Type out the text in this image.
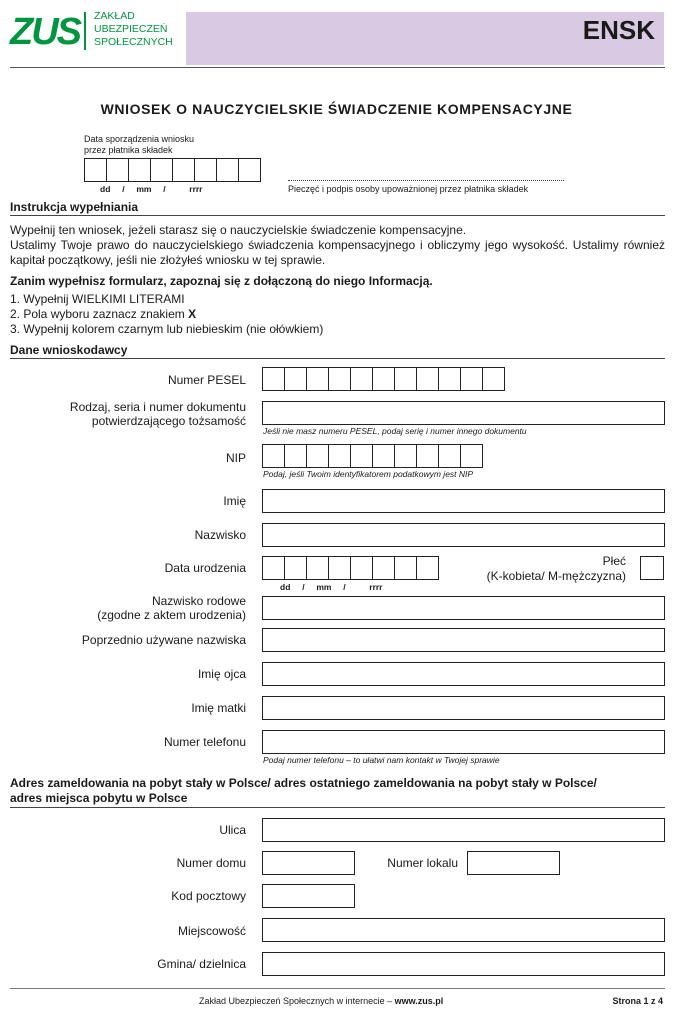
ZUS ZAKŁAD
UBEZPIECZEŃ
SPOŁECZNYCH	ENSK
WNIOSEK O NAUCZYCIELSKIE ŚWIADCZENIE KOMPENSACYJNE
Data sporządzenia wniosku
przez płatnika składek
dd     /     mm     /          rrrr	Pieczęć i podpis osoby upoważnionej przez płatnika składek
Instrukcja wypełniania
Wypełnij ten wniosek, jeżeli starasz się o nauczycielskie świadczenie kompensacyjne.
Ustalimy Twoje prawo do nauczycielskiego świadczenia kompensacyjnego i obliczymy jego wysokość. Ustalimy również kapitał początkowy, jeśli nie złożyłeś wniosku w tej sprawie.
Zanim wypełnisz formularz, zapoznaj się z dołączoną do niego Informacją.
1. Wypełnij WIELKIMI LITERAMI
2. Pola wyboru zaznacz znakiem X
3. Wypełnij kolorem czarnym lub niebieskim (nie ołówkiem)
Dane wnioskodawcy
Numer PESEL
Rodzaj, seria i numer dokumentu
potwierdzającego tożsamość
Jeśli nie masz numeru PESEL, podaj serię i numer innego dokumentu
NIP
Podaj, jeśli Twoim identyfikatorem podatkowym jest NIP
Imię
Nazwisko
Data urodzenia
dd     /     mm     /          rrrr
Płeć
(K-kobieta/ M-mężczyzna)
Nazwisko rodowe
(zgodne z aktem urodzenia)
Poprzednio używane nazwiska
Imię ojca
Imię matki
Numer telefonu
Podaj numer telefonu – to ułatwi nam kontakt w Twojej sprawie
Adres zameldowania na pobyt stały w Polsce/ adres ostatniego zameldowania na pobyt stały w Polsce/
adres miejsca pobytu w Polsce
Ulica
Numer domu	Numer lokalu
Kod pocztowy
Miejscowość
Gmina/ dzielnica
Zakład Ubezpieczeń Społecznych w internecie – www.zus.pl	Strona 1 z 4
